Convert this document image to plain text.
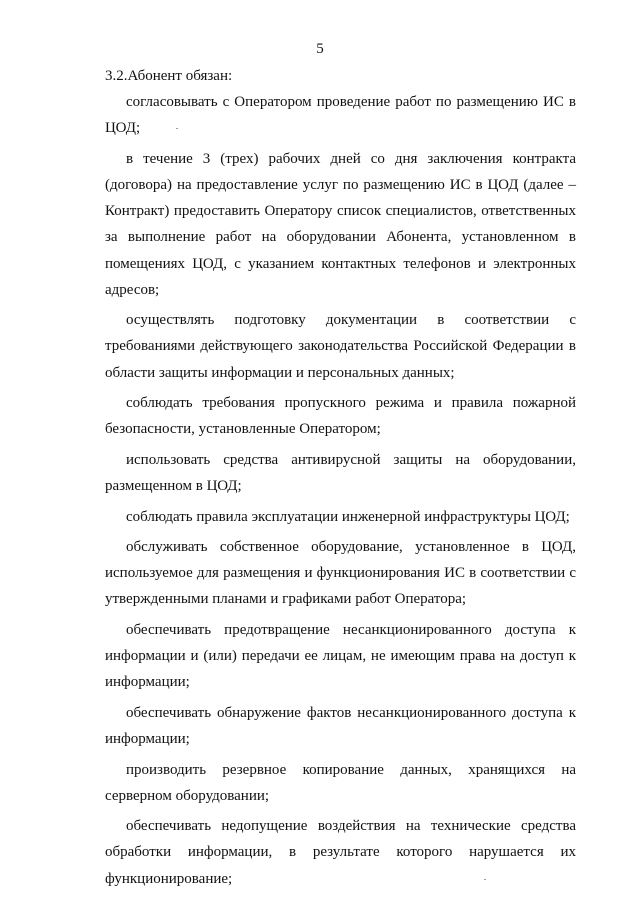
5
3.2.Абонент обязан:

согласовывать с Оператором проведение работ по размещению ИС в ЦОД;

в течение 3 (трех) рабочих дней со дня заключения контракта (договора) на предоставление услуг по размещению ИС в ЦОД (далее – Контракт) предоставить Оператору список специалистов, ответственных за выполнение работ на оборудовании Абонента, установленном в помещениях ЦОД, с указанием контактных телефонов и электронных адресов;

осуществлять подготовку документации в соответствии с требованиями действующего законодательства Российской Федерации в области защиты информации и персональных данных;

соблюдать требования пропускного режима и правила пожарной безопасности, установленные Оператором;

использовать средства антивирусной защиты на оборудовании, размещенном в ЦОД;

соблюдать правила эксплуатации инженерной инфраструктуры ЦОД;

обслуживать собственное оборудование, установленное в ЦОД, используемое для размещения и функционирования ИС в соответствии с утвержденными планами и графиками работ Оператора;

обеспечивать предотвращение несанкционированного доступа к информации и (или) передачи ее лицам, не имеющим права на доступ к информации;

обеспечивать обнаружение фактов несанкционированного доступа к информации;

производить резервное копирование данных, хранящихся на серверном оборудовании;

обеспечивать недопущение воздействия на технические средства обработки информации, в результате которого нарушается их функционирование;
